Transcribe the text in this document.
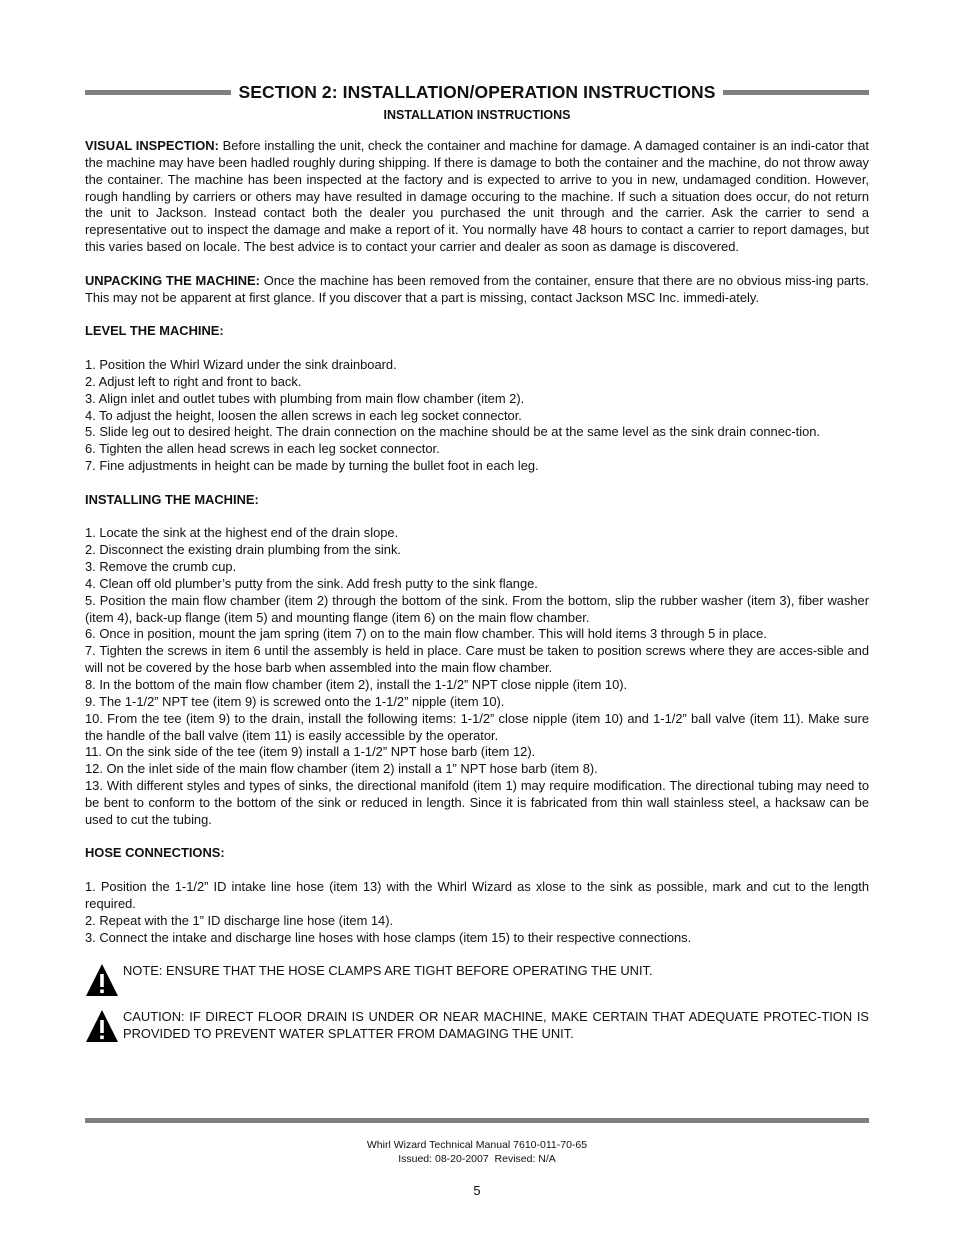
SECTION 2: INSTALLATION/OPERATION INSTRUCTIONS
INSTALLATION INSTRUCTIONS

VISUAL INSPECTION: Before installing the unit, check the container and machine for damage. A damaged container is an indi-cator that the machine may have been hadled roughly during shipping. If there is damage to both the container and the machine, do not throw away the container. The machine has been inspected at the factory and is expected to arrive to you in new, undamaged condition. However, rough handling by carriers or others may have resulted in damage occuring to the machine. If such a situation does occur, do not return the unit to Jackson. Instead contact both the dealer you purchased the unit through and the carrier. Ask the carrier to send a representative out to inspect the damage and make a report of it. You normally have 48 hours to contact a carrier to report damages, but this varies based on locale. The best advice is to contact your carrier and dealer as soon as damage is discovered.

UNPACKING THE MACHINE: Once the machine has been removed from the container, ensure that there are no obvious miss-ing parts. This may not be apparent at first glance. If you discover that a part is missing, contact Jackson MSC Inc. immedi-ately.

LEVEL THE MACHINE:
1. Position the Whirl Wizard under the sink drainboard.
2. Adjust left to right and front to back.
3. Align inlet and outlet tubes with plumbing from main flow chamber (item 2).
4. To adjust the height, loosen the allen screws in each leg socket connector.
5. Slide leg out to desired height. The drain connection on the machine should be at the same level as the sink drain connec-tion.
6. Tighten the allen head screws in each leg socket connector.
7. Fine adjustments in height can be made by turning the bullet foot in each leg.
INSTALLING THE MACHINE:
1. Locate the sink at the highest end of the drain slope.
2. Disconnect the existing drain plumbing from the sink.
3. Remove the crumb cup.
4. Clean off old plumber’s putty from the sink. Add fresh putty to the sink flange.
5. Position the main flow chamber (item 2) through the bottom of the sink. From the bottom, slip the rubber washer (item 3), fiber washer (item 4), back-up flange (item 5) and mounting flange (item 6) on the main flow chamber.
6. Once in position, mount the jam spring (item 7) on to the main flow chamber. This will hold items 3 through 5 in place.
7. Tighten the screws in item 6 until the assembly is held in place. Care must be taken to position screws where they are acces-sible and will not be covered by the hose barb when assembled into the main flow chamber.
8. In the bottom of the main flow chamber (item 2), install the 1-1/2” NPT close nipple (item 10).
9. The 1-1/2” NPT tee (item 9) is screwed onto the 1-1/2” nipple (item 10).
10. From the tee (item 9) to the drain, install the following items: 1-1/2” close nipple (item 10) and 1-1/2” ball valve (item 11). Make sure the handle of the ball valve (item 11) is easily accessible by the operator.
11. On the sink side of the tee (item 9) install a 1-1/2” NPT hose barb (item 12).
12. On the inlet side of the main flow chamber (item 2) install a 1” NPT hose barb (item 8).
13. With different styles and types of sinks, the directional manifold (item 1) may require modification. The directional tubing may need to be bent to conform to the bottom of the sink or reduced in length. Since it is fabricated from thin wall stainless steel, a hacksaw can be used to cut the tubing.
HOSE CONNECTIONS:
1. Position the 1-1/2” ID intake line hose (item 13) with the Whirl Wizard as xlose to the sink as possible, mark and cut to the length required.
2. Repeat with the 1” ID discharge line hose (item 14).
3. Connect the intake and discharge line hoses with hose clamps (item 15) to their respective connections.
NOTE: ENSURE THAT THE HOSE CLAMPS ARE TIGHT BEFORE OPERATING THE UNIT.
CAUTION: IF DIRECT FLOOR DRAIN IS UNDER OR NEAR MACHINE, MAKE CERTAIN THAT ADEQUATE PROTEC-TION IS PROVIDED TO PREVENT WATER SPLATTER FROM DAMAGING THE UNIT.
Whirl Wizard Technical Manual 7610-011-70-65
Issued: 08-20-2007  Revised: N/A
5
